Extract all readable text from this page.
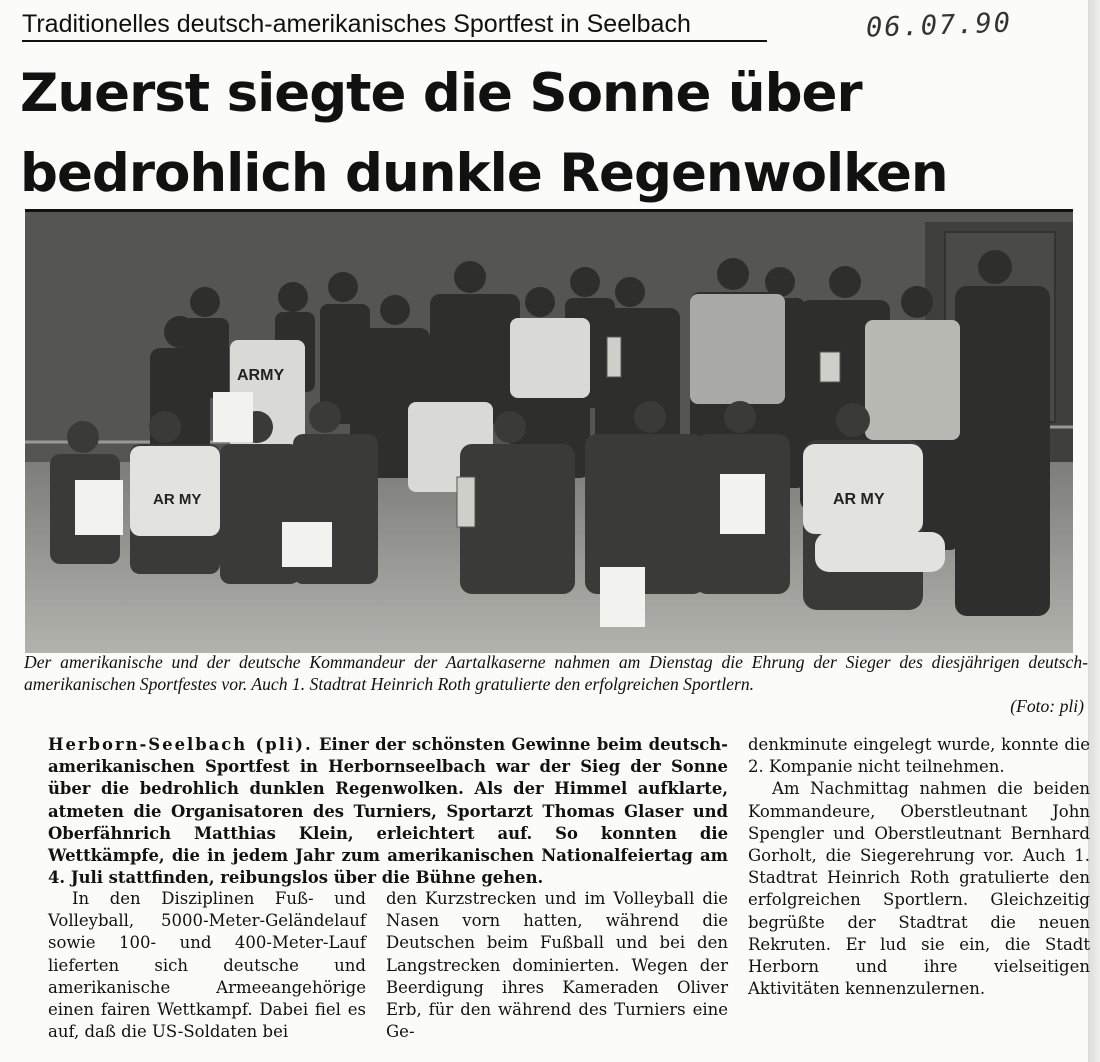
Traditionelles deutsch-amerikanisches Sportfest in Seelbach	06.07.90
Zuerst siegte die Sonne über
bedrohlich dunkle Regenwolken
ARMY
AR MY	AR MY
Der amerikanische und der deutsche Kommandeur der Aartalkaserne nahmen am Dienstag die Ehrung der Sieger des diesjährigen deutsch-amerikanischen Sportfestes vor. Auch 1. Stadtrat Heinrich Roth gratulierte den erfolgreichen Sportlern.
(Foto: pli)
Herborn-Seelbach (pli). Einer der schönsten Gewinne beim deutsch-amerikanischen Sportfest in Herbornseelbach war der Sieg der Sonne über die bedrohlich dunklen Regenwolken. Als der Himmel aufklarte, atmeten die Organisatoren des Turniers, Sportarzt Thomas Glaser und Oberfähnrich Matthias Klein, erleichtert auf. So konnten die Wettkämpfe, die in jedem Jahr zum amerikanischen Nationalfeiertag am 4. Juli stattfinden, reibungslos über die Bühne gehen.
In den Disziplinen Fuß- und Volleyball, 5000-Meter-Geländelauf sowie 100- und 400-Meter-Lauf lieferten sich deutsche und amerikanische Armeeangehörige einen fairen Wettkampf. Dabei fiel es auf, daß die US-Soldaten bei
den Kurzstrecken und im Volleyball die Nasen vorn hatten, während die Deutschen beim Fußball und bei den Langstrecken dominierten. Wegen der Beerdigung ihres Kameraden Oliver Erb, für den während des Turniers eine Ge-

denkminute eingelegt wurde, konnte die 2. Kompanie nicht teilnehmen.

Am Nachmittag nahmen die beiden Kommandeure, Oberstleutnant John Spengler und Oberstleutnant Bernhard Gorholt, die Siegerehrung vor. Auch 1. Stadtrat Heinrich Roth gratulierte den erfolgreichen Sportlern. Gleichzeitig begrüßte der Stadtrat die neuen Rekruten. Er lud sie ein, die Stadt Herborn und ihre vielseitigen Aktivitäten kennenzulernen.
